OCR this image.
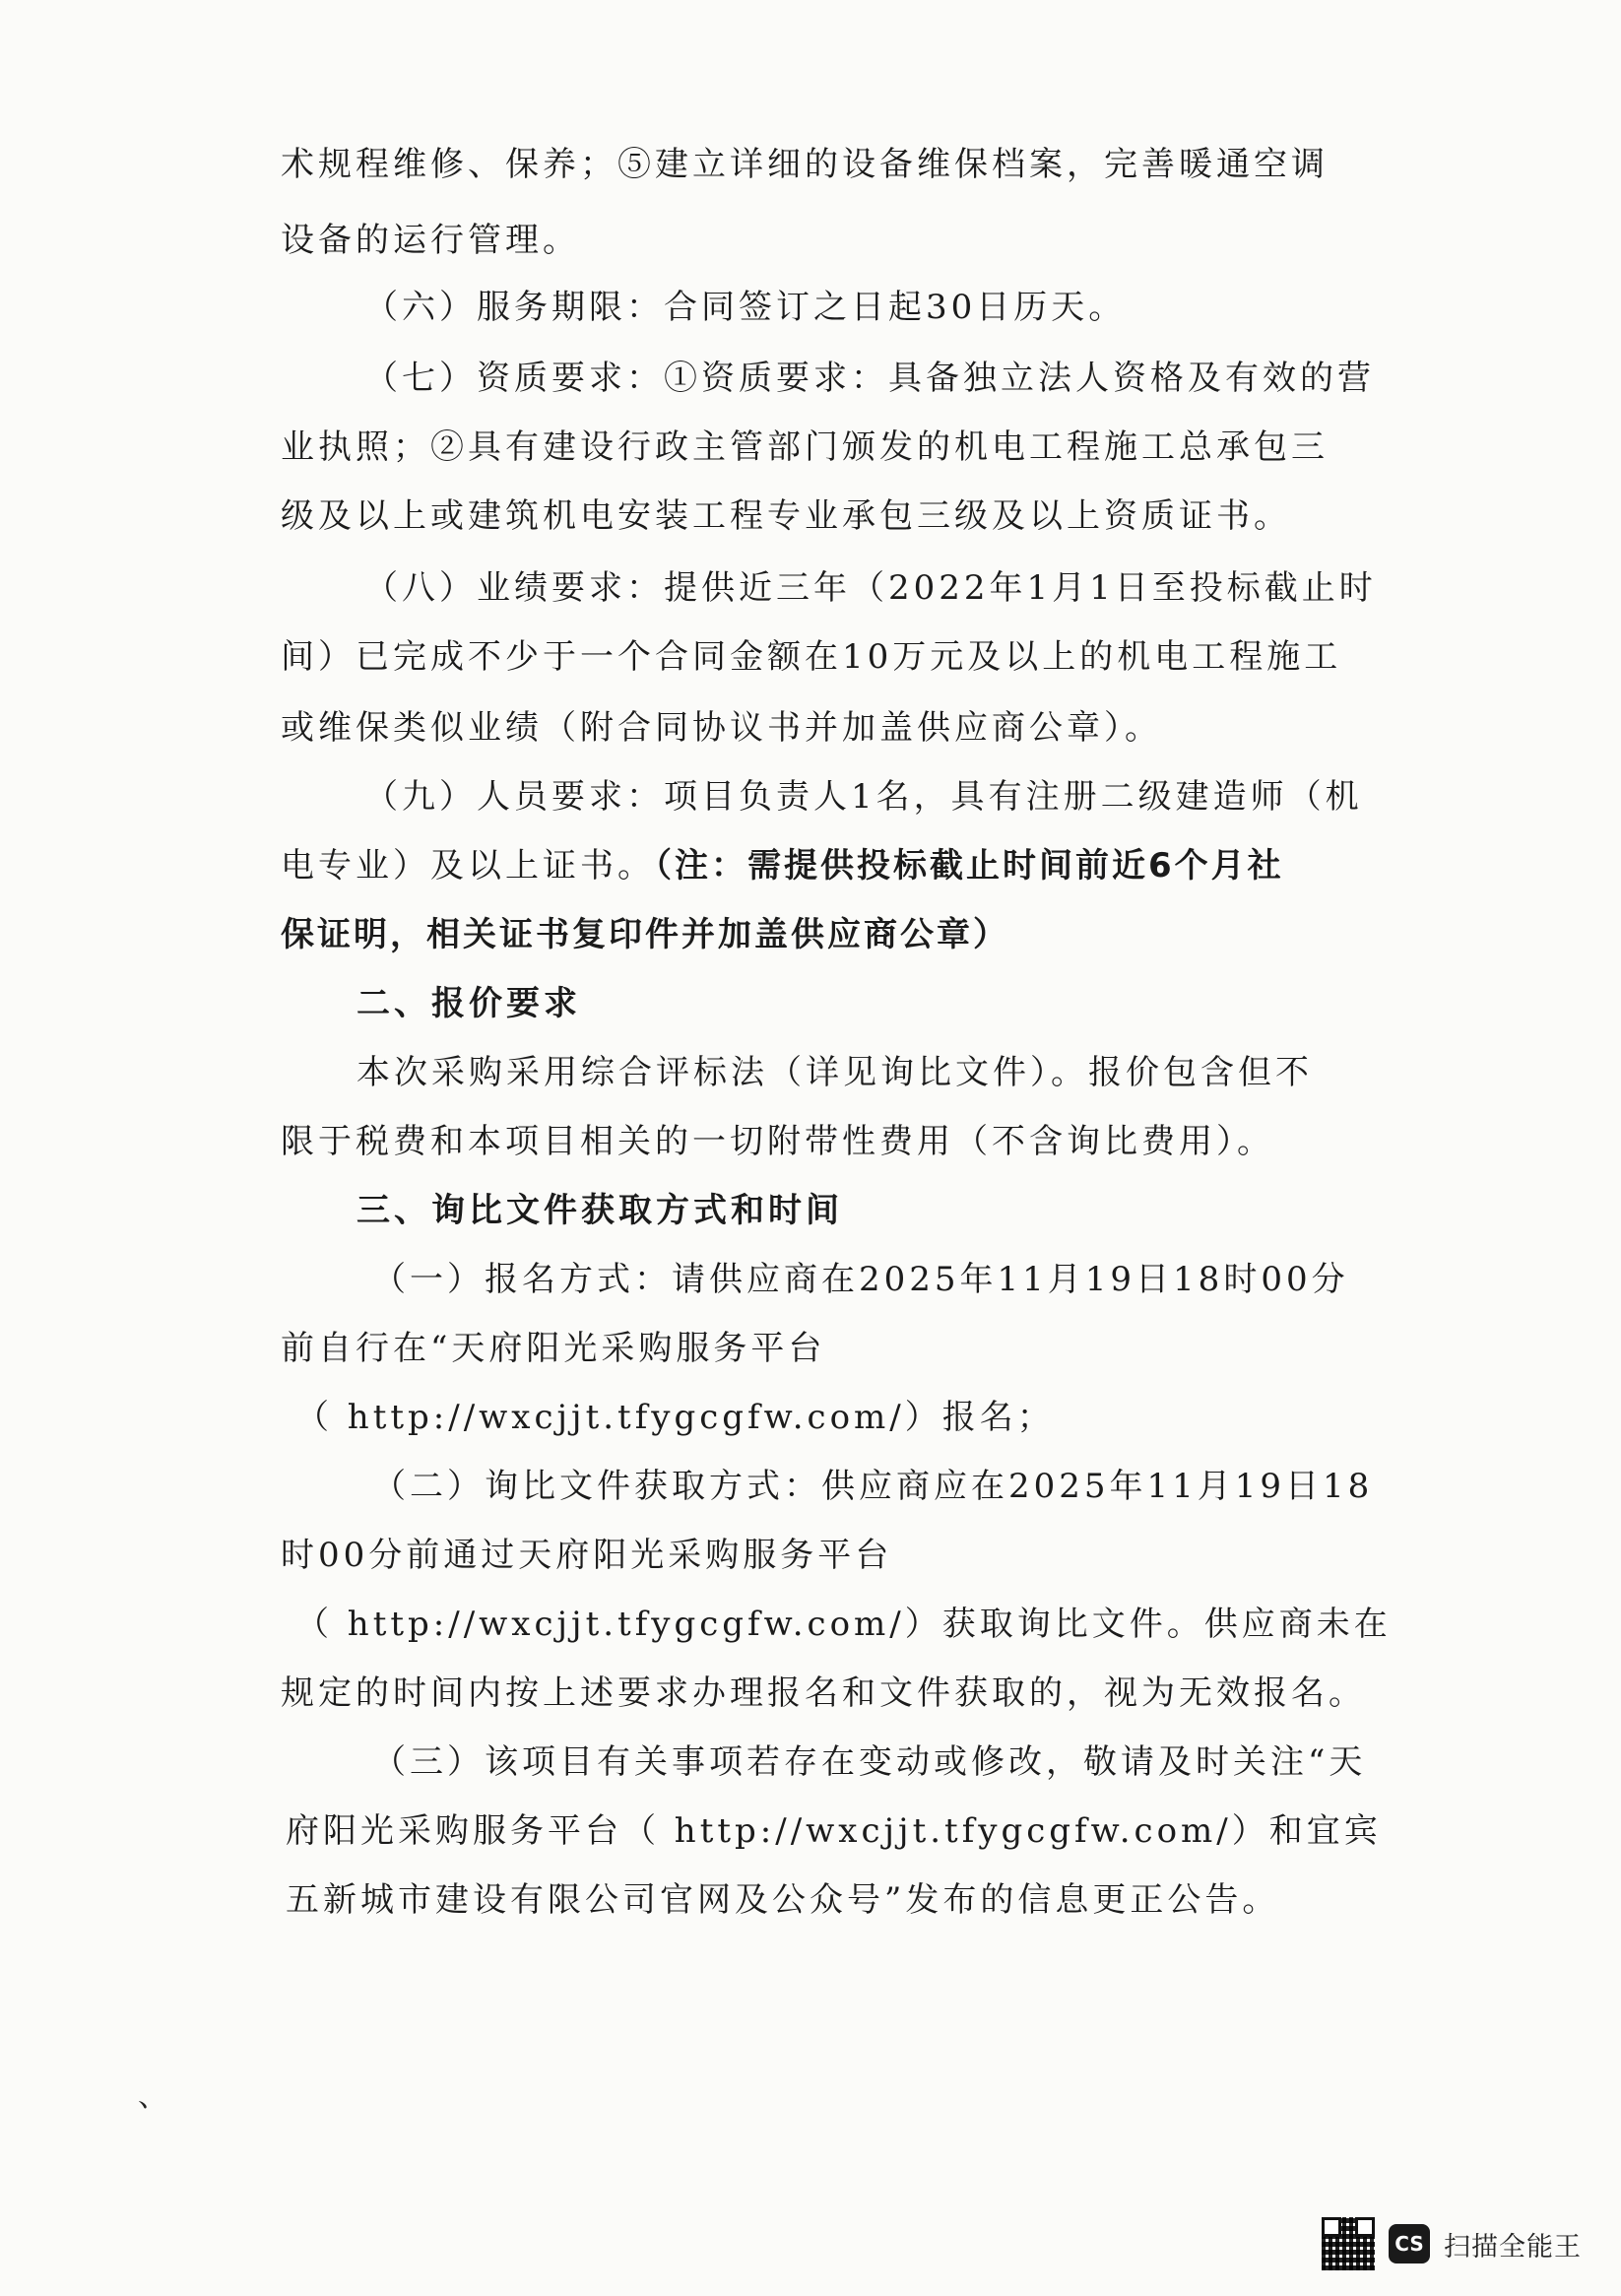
术规程维修、保养；⑤建立详细的设备维保档案，完善暖通空调
设备的运行管理。
（六）服务期限：合同签订之日起30日历天。
（七）资质要求：①资质要求：具备独立法人资格及有效的营
业执照；②具有建设行政主管部门颁发的机电工程施工总承包三
级及以上或建筑机电安装工程专业承包三级及以上资质证书。
（八）业绩要求：提供近三年（2022年1月1日至投标截止时
间）已完成不少于一个合同金额在10万元及以上的机电工程施工
或维保类似业绩（附合同协议书并加盖供应商公章）。
（九）人员要求：项目负责人1名，具有注册二级建造师（机
电专业）及以上证书。（注：需提供投标截止时间前近6个月社
保证明，相关证书复印件并加盖供应商公章）
二、报价要求
本次采购采用综合评标法（详见询比文件）。报价包含但不
限于税费和本项目相关的一切附带性费用（不含询比费用）。
三、询比文件获取方式和时间
（一）报名方式：请供应商在2025年11月19日18时00分
前自行在“天府阳光采购服务平台
（ http://wxcjjt.tfygcgfw.com/）报名；
（二）询比文件获取方式：供应商应在2025年11月19日18
时00分前通过天府阳光采购服务平台
（ http://wxcjjt.tfygcgfw.com/）获取询比文件。供应商未在
规定的时间内按上述要求办理报名和文件获取的，视为无效报名。
（三）该项目有关事项若存在变动或修改，敬请及时关注“天
府阳光采购服务平台（ http://wxcjjt.tfygcgfw.com/）和宜宾
五新城市建设有限公司官网及公众号”发布的信息更正公告。
、
CS 扫描全能王
